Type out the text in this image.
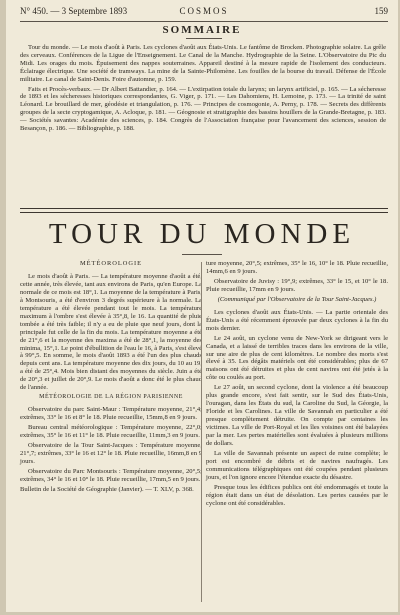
N° 450. — 3 Septembre 1893	COSMOS	159
SOMMAIRE

Tour du monde. — Le mois d'août à Paris. Les cyclones d'août aux États-Unis. Le fantôme de Brocken. Photographie solaire. La grêle des cerveaux. Conférences de la Ligue de l'Enseignement. Le Canal de la Manche. Hydrographie de la Seine. L'Observatoire du Pic du Midi. Les orages du mois. Épuisement des nappes souterraines. Appareil destiné à la mesure rapide de l'isolement des conducteurs. Éclairage électrique. Une société de tramways. La mine de la Sainte-Philomène. Les fouilles de la bourse du travail. Défense de l'École militaire. Le canal de Saint-Denis. Foire d'automne, p. 159.

Faits et Procès-verbaux. — Dr Albert Battandier, p. 164. — L'extirpation totale du larynx; un larynx artificiel, p. 165. — La sécheresse de 1893 et les sécheresses historiques correspondantes, G. Viger, p. 171. — Les Dahomiens, H. Lemoine, p. 173. — La trinité de saint Léonard. Le brouillard de mer, géodésie et triangulation, p. 176. — Principes de cosmogonie, A. Perny, p. 178. — Secrets des diffèrents groupes de la secte cryptogamique, A. Acloque, p. 181. — Géognosie et stratigraphie des bassins houillers de la Grande-Bretagne, p. 183. — Sociétés savantes: Académie des sciences, p. 184. Congrès de l'Association française pour l'avancement des sciences, session de Besançon, p. 186. — Bibliographie, p. 188.

TOUR DU MONDE
MÉTÉOROLOGIE
Le mois d'août à Paris. — La température moyenne d'août a été, cette année, très élevée, tant aux environs de Paris, qu'en Europe. La normale de ce mois est 18°,1. La moyenne de la température à Paris, à Montsouris, a été d'environ 3 degrés supérieure à la normale. La température a été élevée pendant tout le mois. La température maximum à l'ombre s'est élevée à 35°,8, le 16. La quantité de pluie tombée a été très faible; il n'y a eu de pluie que neuf jours, dont la principale fut celle de la fin du mois. La température moyenne a été de 21°,6 et la moyenne des maxima a été de 28°,1, la moyenne des minima, 15°,1. Le point d'ébullition de l'eau le 16, à Paris, s'est élevé à 99°,5. En somme, le mois d'août 1893 a été l'un des plus chauds depuis cent ans. La température moyenne des dix jours, du 10 au 19, a été de 25°,4. Mois bien distant des moyennes du siècle. Juin a été de 20°,3 et juillet de 20°,9. Le mois d'août a donc été le plus chaud de l'année.
MÉTÉOROLOGIE DE LA RÉGION PARISIENNE
Observatoire du parc Saint-Maur : Température moyenne, 21°,4; extrêmes, 33° le 16 et 8° le 18. Pluie recueillie, 15mm,8 en 9 jours.
Bureau central météorologique : Température moyenne, 22°,0; extrêmes, 35° le 16 et 11° le 18. Pluie recueillie, 11mm,3 en 9 jours.
Observatoire de la Tour Saint-Jacques : Température moyenne, 21°,7; extrêmes, 33° le 16 et 12° le 18. Pluie recueillie, 16mm,8 en 9 jours.
Observatoire du Parc Montsouris : Température moyenne, 20°,5; extrêmes, 34° le 16 et 10° le 18. Pluie recueillie, 17mm,5 en 9 jours.
Bulletin de la Société de Géographie (Janvier). — T. XLV, p. 368.
ture moyenne, 20°,5; extrêmes, 35° le 16, 10° le 18. Pluie recueillie, 14mm,6 en 9 jours.
Observatoire de Juvisy : 19°,9; extrêmes, 33° le 15, et 10° le 18. Pluie recueillie, 17mm en 9 jours.
(Communiqué par l'Observatoire de la Tour Saint-Jacques.)
Les cyclones d'août aux États-Unis. — La partie orientale des États-Unis a été récemment éprouvée par deux cyclones à la fin du mois dernier.
Le 24 août, un cyclone venu de New-York se dirigeant vers le Canada, et a laissé de terribles traces dans les environs de la ville, sur une aire de plus de cent kilomètres. Le nombre des morts s'est élevé à 35. Les dégâts matériels ont été considérables; plus de 67 maisons ont été détruites et plus de cent navires ont été jetés à la côte ou coulés au port.
Le 27 août, un second cyclone, dont la violence a été beaucoup plus grande encore, s'est fait sentir, sur le Sud des États-Unis, l'ouragan, dans les États du sud, la Caroline du Sud, la Géorgie, la Floride et les Carolines. La ville de Savannah en particulier a été presque complètement détruite. On compte par centaines les victimes. La ville de Port-Royal et les îles voisines ont été balayées par la mer. Les pertes matérielles sont évaluées à plusieurs millions de dollars.
La ville de Savannah présente un aspect de ruine complète; le port est encombré de débris et de navires naufragés. Les communications télégraphiques ont été coupées pendant plusieurs jours, et l'on ignore encore l'étendue exacte du désastre.
Presque tous les édifices publics ont été endommagés et toute la région était dans un état de désolation. Les pertes causées par le cyclone ont été considérables.
